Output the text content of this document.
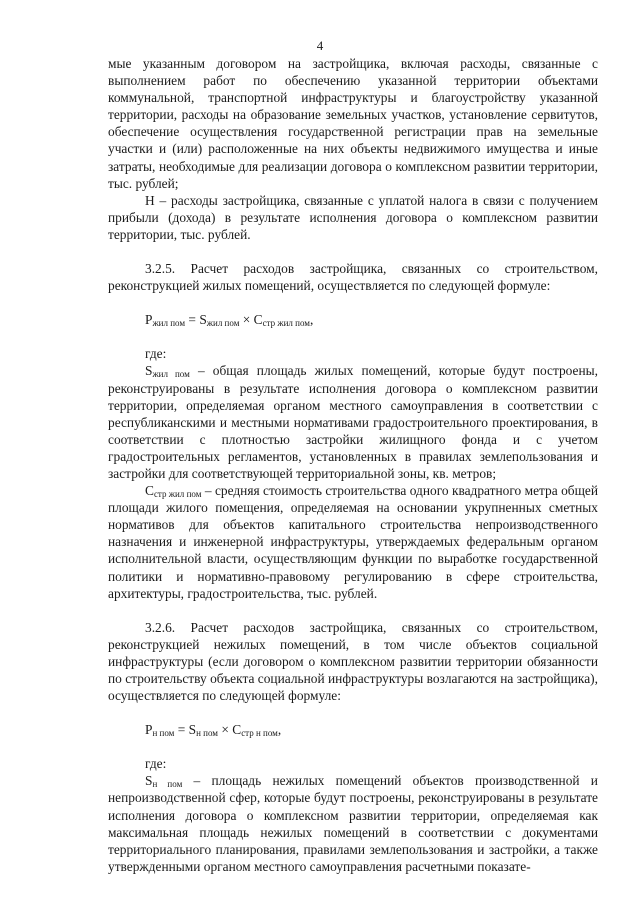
4

мые указанным договором на застройщика, включая расходы, связанные с выполнением работ по обеспечению указанной территории объектами коммунальной, транспортной инфраструктуры и благоустройству указанной территории, расходы на образование земельных участков, установление сервитутов, обеспечение осуществления государственной регистрации прав на земельные участки и (или) расположенные на них объекты недвижимого имущества и иные затраты, необходимые для реализации договора о комплексном развитии территории, тыс. рублей;

Н – расходы застройщика, связанные с уплатой налога в связи с получением прибыли (дохода) в результате исполнения договора о комплексном развитии территории, тыс. рублей.

3.2.5. Расчет расходов застройщика, связанных со строительством, реконструкцией жилых помещений, осуществляется по следующей формуле:

$P_{жил пом} = S_{жил пом} \times C_{стр жил пом}$,

где:

$S_{жил пом}$ – общая площадь жилых помещений, которые будут построены, реконструированы в результате исполнения договора о комплексном развитии территории, определяемая органом местного самоуправления в соответствии с республиканскими и местными нормативами градостроительного проектирования, в соответствии с плотностью застройки жилищного фонда и с учетом градостроительных регламентов, установленных в правилах землепользования и застройки для соответствующей территориальной зоны, кв. метров;

$C_{стр жил пом}$ – средняя стоимость строительства одного квадратного метра общей площади жилого помещения, определяемая на основании укрупненных сметных нормативов для объектов капитального строительства непроизводственного назначения и инженерной инфраструктуры, утверждаемых федеральным органом исполнительной власти, осуществляющим функции по выработке государственной политики и нормативно-правовому регулированию в сфере строительства, архитектуры, градостроительства, тыс. рублей.

3.2.6. Расчет расходов застройщика, связанных со строительством, реконструкцией нежилых помещений, в том числе объектов социальной инфраструктуры (если договором о комплексном развитии территории обязанности по строительству объекта социальной инфраструктуры возлагаются на застройщика), осуществляется по следующей формуле:

$P_{н пом} = S_{н пом} \times C_{стр н пом}$,

где:

$S_{н пом}$ – площадь нежилых помещений объектов производственной и непроизводственной сфер, которые будут построены, реконструированы в результате исполнения договора о комплексном развитии территории, определяемая как максимальная площадь нежилых помещений в соответствии с документами территориального планирования, правилами землепользования и застройки, а также утвержденными органом местного самоуправления расчетными показате-
